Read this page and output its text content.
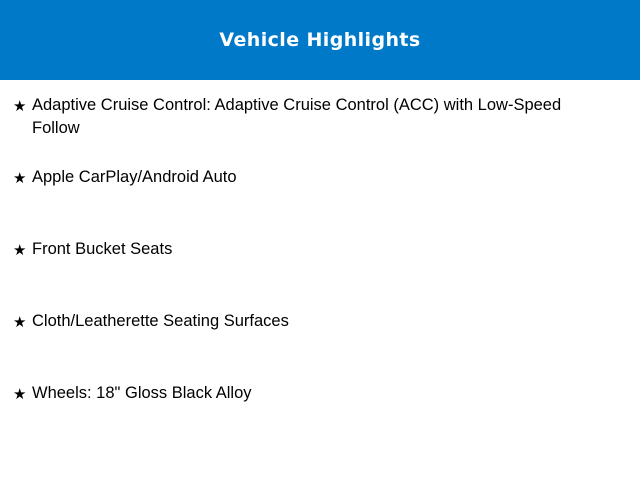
Vehicle Highlights
★ Adaptive Cruise Control: Adaptive Cruise Control (ACC) with Low-Speed Follow
★ Apple CarPlay/Android Auto
★ Front Bucket Seats
★ Cloth/Leatherette Seating Surfaces
★ Wheels: 18" Gloss Black Alloy
